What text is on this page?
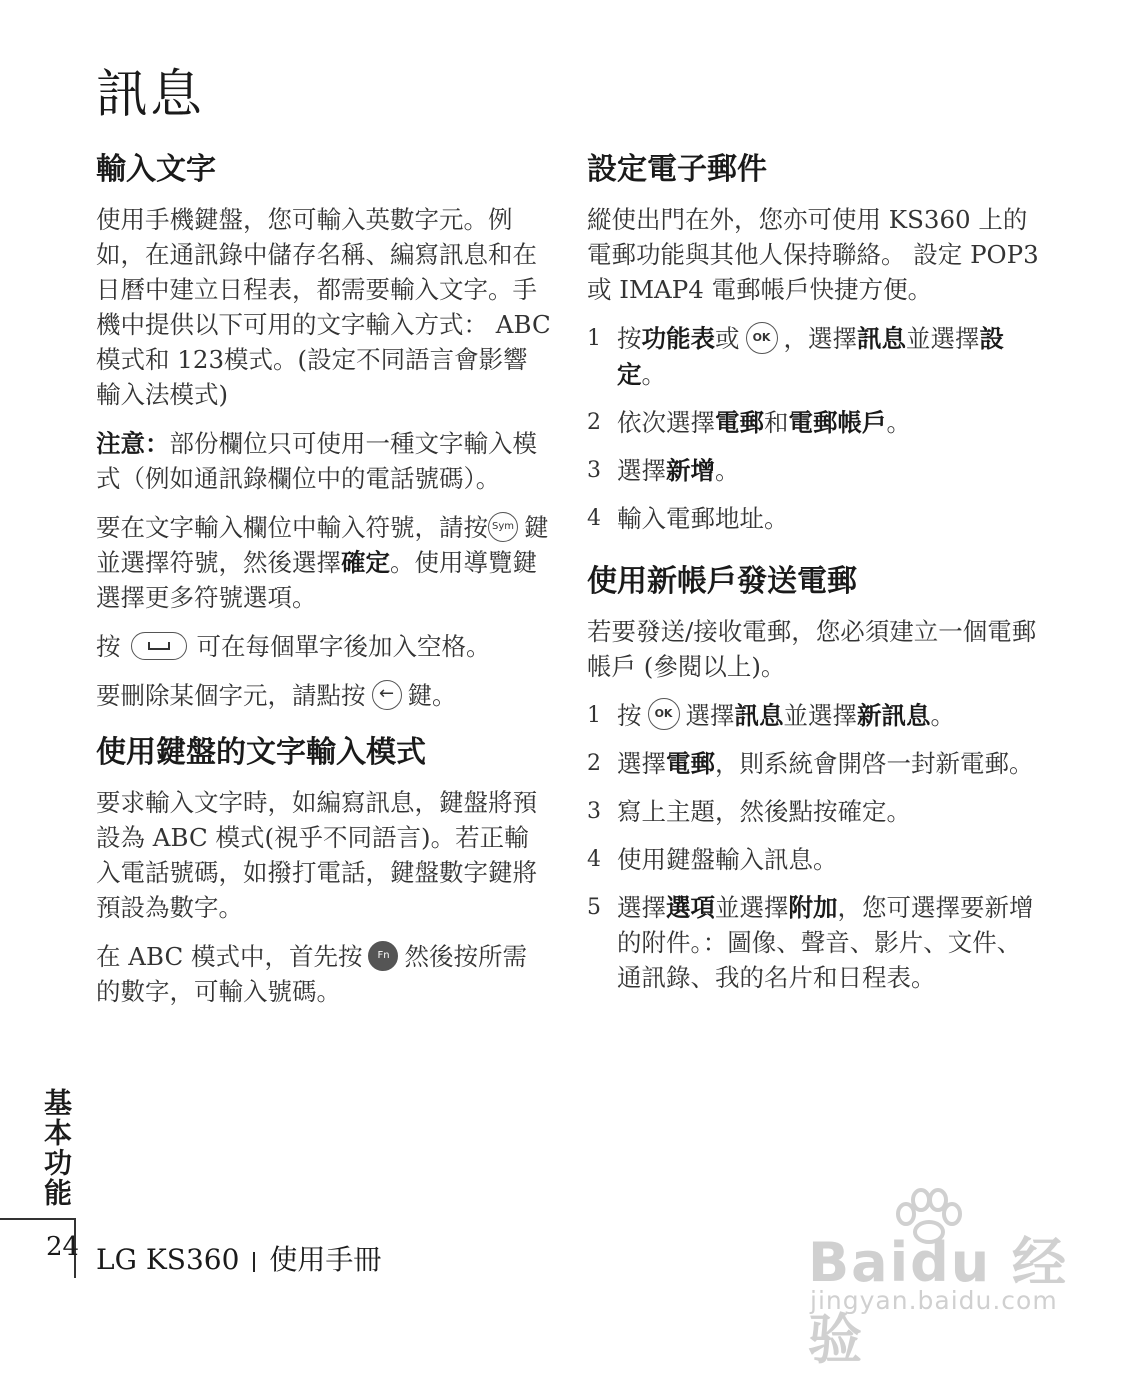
訊息
輸入文字

使用手機鍵盤，您可輸入英數字元。例如，在通訊錄中儲存名稱、編寫訊息和在日曆中建立日程表，都需要輸入文字。手機中提供以下可用的文字輸入方式： ABC 模式和 123模式。(設定不同語言會影響輸入法模式)

注意：部份欄位只可使用一種文字輸入模式（例如通訊錄欄位中的電話號碼）。

要在文字輸入欄位中輸入符號，請按 Sym 鍵並選擇符號，然後選擇確定。使用導覽鍵選擇更多符號選項。

按	可在每個單字後加入空格。

要刪除某個字元，請點按 ← 鍵。

使用鍵盤的文字輸入模式

要求輸入文字時，如編寫訊息，鍵盤將預設為 ABC 模式(視乎不同語言)。若正輸入電話號碼，如撥打電話，鍵盤數字鍵將預設為數字。

在 ABC 模式中，首先按 Fn 然後按所需的數字，可輸入號碼。

設定電子郵件

縱使出門在外，您亦可使用 KS360 上的電郵功能與其他人保持聯絡。 設定 POP3 或 IMAP4 電郵帳戶快捷方便。

1 按功能表或 OK ，選擇訊息並選擇設定。
2 依次選擇電郵和電郵帳戶。
3 選擇新增。
4 輸入電郵地址。
使用新帳戶發送電郵

若要發送/接收電郵，您必須建立一個電郵帳戶 (參閱以上)。

1 按 OK 選擇訊息並選擇新訊息。
2 選擇電郵，則系統會開啓一封新電郵。
3 寫上主題，然後點按確定。
4 使用鍵盤輸入訊息。
5 選擇選項並選擇附加，您可選擇要新增的附件。：圖像、聲音、影片、文件、通訊錄、我的名片和日程表。
基本功能
24 LG KS360 使用手冊	Baidu 经验
jingyan.baidu.com
